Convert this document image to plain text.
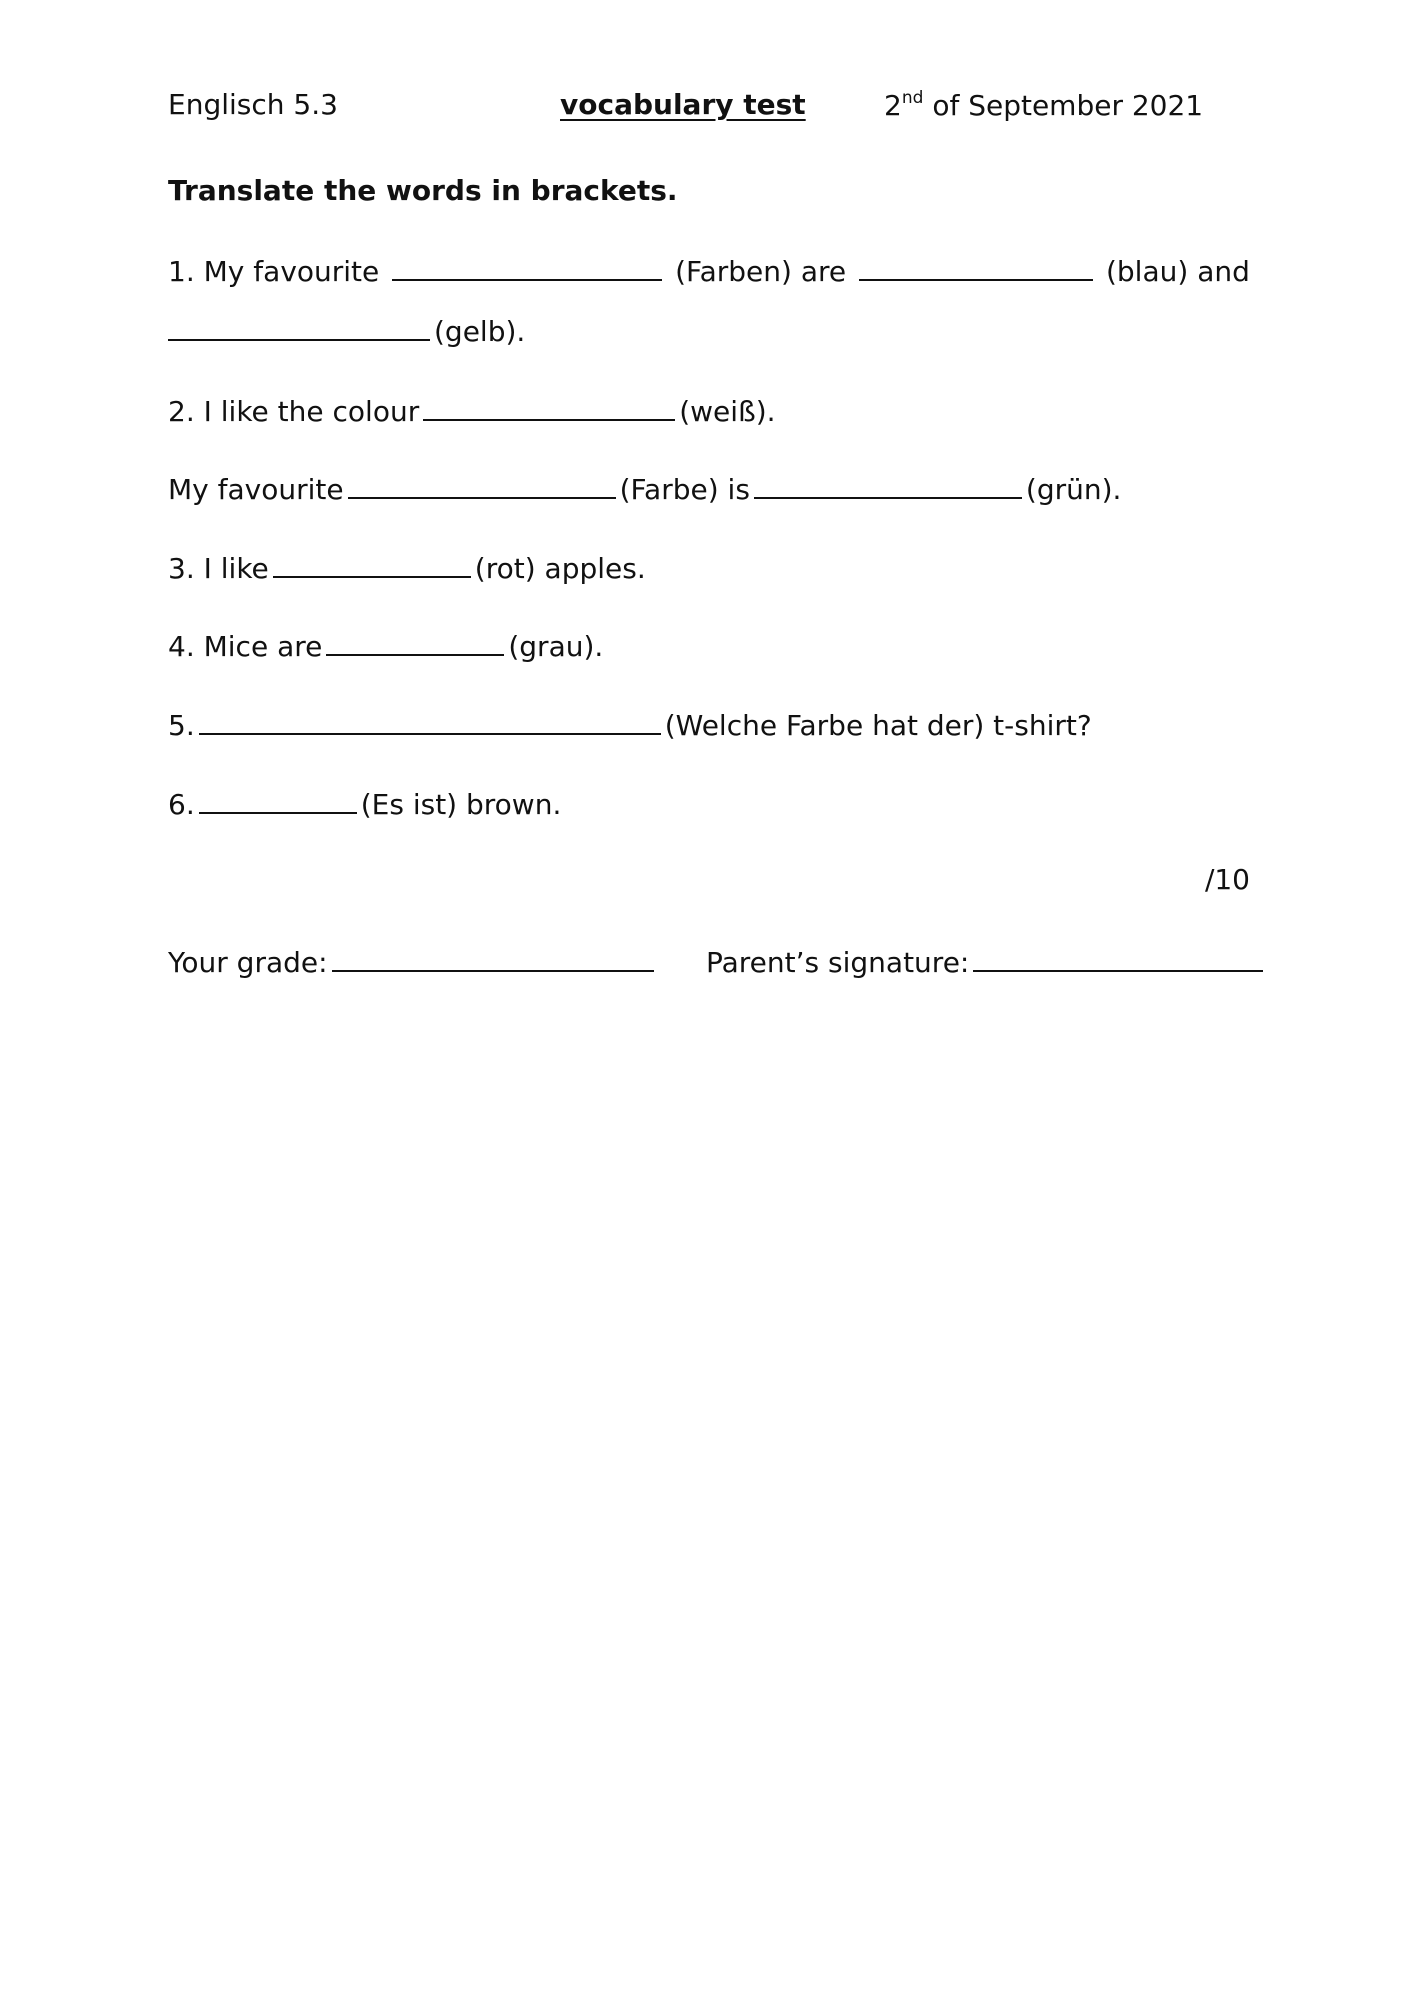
Englisch 5.3	vocabulary test	2nd of September 2021
Translate the words in brackets.
1. My favourite	(Farben) are	(blau) and
(gelb).
2. I like the colour	(weiß).
My favourite	(Farbe) is	(grün).
3. I like	(rot) apples.
4. Mice are	(grau).
5.	(Welche Farbe hat der) t-shirt?
6.	(Es ist) brown.
/10
Your grade:	Parent’s signature:
